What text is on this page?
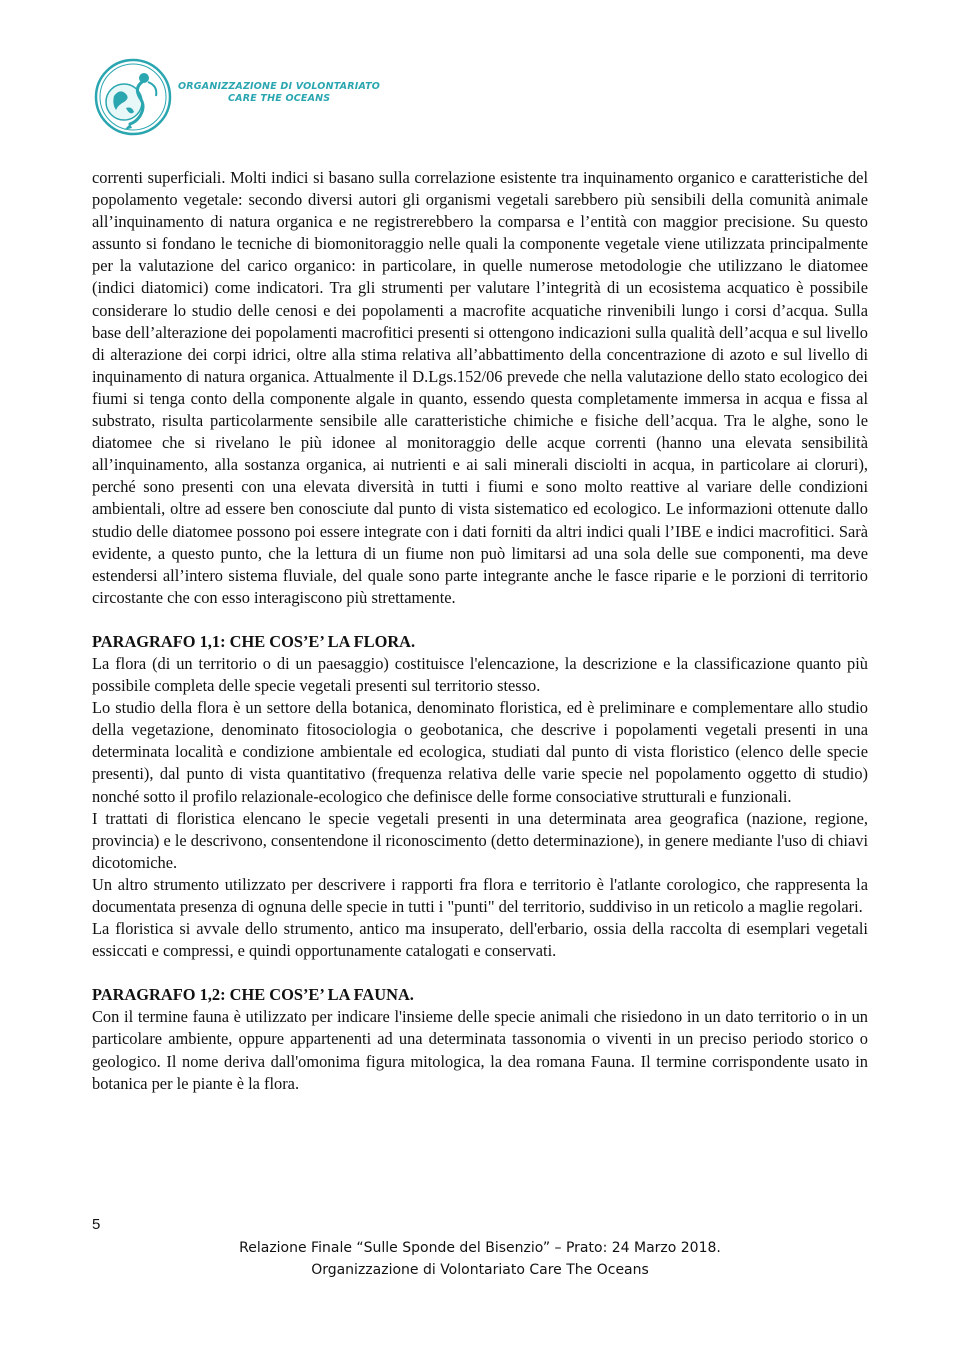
ORGANIZZAZIONE DI VOLONTARIATO
CARE THE OCEANS

correnti superficiali. Molti indici si basano sulla correlazione esistente tra inquinamento organico e caratteristiche del popolamento vegetale: secondo diversi autori gli organismi vegetali sarebbero più sensibili della comunità animale all’inquinamento di natura organica e ne registrerebbero la comparsa e l’entità con maggior precisione. Su questo assunto si fondano le tecniche di biomonitoraggio nelle quali la componente vegetale viene utilizzata principalmente per la valutazione del carico organico: in particolare, in quelle numerose metodologie che utilizzano le diatomee (indici diatomici) come indicatori. Tra gli strumenti per valutare l’integrità di un ecosistema acquatico è possibile considerare lo studio delle cenosi e dei popolamenti a macrofite acquatiche rinvenibili lungo i corsi d’acqua. Sulla base dell’alterazione dei popolamenti macrofitici presenti si ottengono indicazioni sulla qualità dell’acqua e sul livello di alterazione dei corpi idrici, oltre alla stima relativa all’abbattimento della concentrazione di azoto e sul livello di inquinamento di natura organica. Attualmente il D.Lgs.152/06 prevede che nella valutazione dello stato ecologico dei fiumi si tenga conto della componente algale in quanto, essendo questa completamente immersa in acqua e fissa al substrato, risulta particolarmente sensibile alle caratteristiche chimiche e fisiche dell’acqua. Tra le alghe, sono le diatomee che si rivelano le più idonee al monitoraggio delle acque correnti (hanno una elevata sensibilità all’inquinamento, alla sostanza organica, ai nutrienti e ai sali minerali disciolti in acqua, in particolare ai cloruri), perché sono presenti con una elevata diversità in tutti i fiumi e sono molto reattive al variare delle condizioni ambientali, oltre ad essere ben conosciute dal punto di vista sistematico ed ecologico. Le informazioni ottenute dallo studio delle diatomee possono poi essere integrate con i dati forniti da altri indici quali l’IBE e indici macrofitici. Sarà evidente, a questo punto, che la lettura di un fiume non può limitarsi ad una sola delle sue componenti, ma deve estendersi all’intero sistema fluviale, del quale sono parte integrante anche le fasce riparie e le porzioni di territorio circostante che con esso interagiscono più strettamente.

PARAGRAFO 1,1: CHE COS’E’ LA FLORA.

La flora (di un territorio o di un paesaggio) costituisce l'elencazione, la descrizione e la classificazione quanto più possibile completa delle specie vegetali presenti sul territorio stesso.

Lo studio della flora è un settore della botanica, denominato floristica, ed è preliminare e complementare allo studio della vegetazione, denominato fitosociologia o geobotanica, che descrive i popolamenti vegetali presenti in una determinata località e condizione ambientale ed ecologica, studiati dal punto di vista floristico (elenco delle specie presenti), dal punto di vista quantitativo (frequenza relativa delle varie specie nel popolamento oggetto di studio) nonché sotto il profilo relazionale-ecologico che definisce delle forme consociative strutturali e funzionali.

I trattati di floristica elencano le specie vegetali presenti in una determinata area geografica (nazione, regione, provincia) e le descrivono, consentendone il riconoscimento (detto determinazione), in genere mediante l'uso di chiavi dicotomiche.

Un altro strumento utilizzato per descrivere i rapporti fra flora e territorio è l'atlante corologico, che rappresenta la documentata presenza di ognuna delle specie in tutti i "punti" del territorio, suddiviso in un reticolo a maglie regolari.

La floristica si avvale dello strumento, antico ma insuperato, dell'erbario, ossia della raccolta di esemplari vegetali essiccati e compressi, e quindi opportunamente catalogati e conservati.

PARAGRAFO 1,2: CHE COS’E’ LA FAUNA.

Con il termine fauna è utilizzato per indicare l'insieme delle specie animali che risiedono in un dato territorio o in un particolare ambiente, oppure appartenenti ad una determinata tassonomia o viventi in un preciso periodo storico o geologico. Il nome deriva dall'omonima figura mitologica, la dea romana Fauna. Il termine corrispondente usato in botanica per le piante è la flora.

5
Relazione Finale “Sulle Sponde del Bisenzio” – Prato: 24 Marzo 2018.
Organizzazione di Volontariato Care The Oceans
